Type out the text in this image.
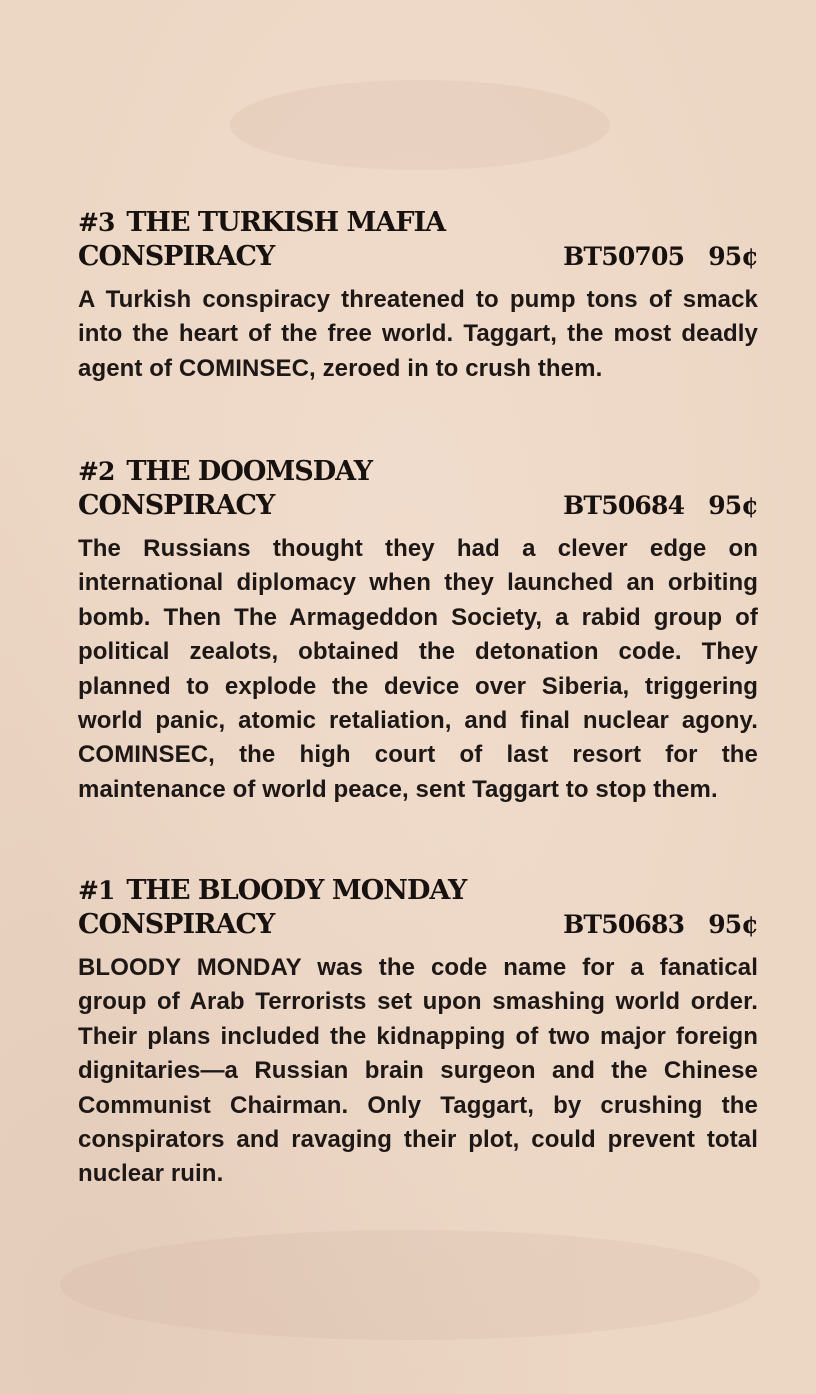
#3 THE TURKISH MAFIA
CONSPIRACY	BT50705 95¢
A Turkish conspiracy threatened to pump tons of smack into the heart of the free world. Taggart, the most deadly agent of COMINSEC, zeroed in to crush them.
#2 THE DOOMSDAY
CONSPIRACY	BT50684 95¢
The Russians thought they had a clever edge on international diplomacy when they launched an orbiting bomb. Then The Armageddon Society, a rabid group of political zealots, obtained the detonation code. They planned to explode the device over Siberia, triggering world panic, atomic retaliation, and final nuclear agony. COMINSEC, the high court of last resort for the maintenance of world peace, sent Taggart to stop them.
#1 THE BLOODY MONDAY
CONSPIRACY	BT50683 95¢
BLOODY MONDAY was the code name for a fanatical group of Arab Terrorists set upon smashing world order. Their plans included the kidnapping of two major foreign dignitaries—a Russian brain surgeon and the Chinese Communist Chairman. Only Taggart, by crushing the conspirators and ravaging their plot, could prevent total nuclear ruin.
